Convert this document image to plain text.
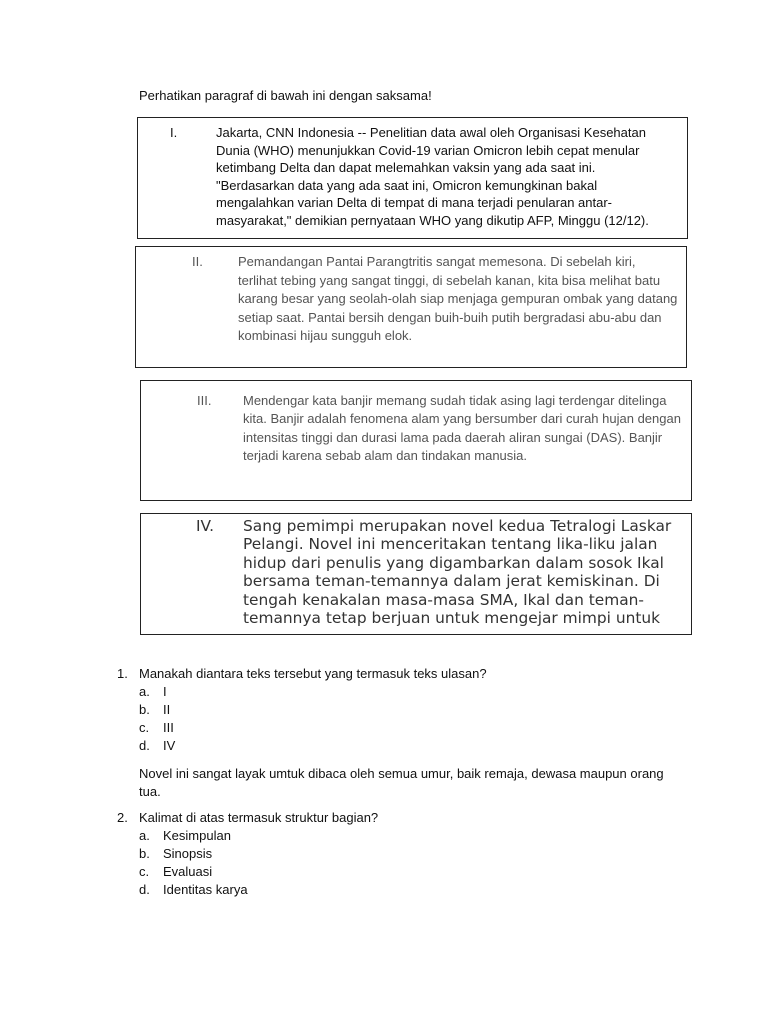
Perhatikan paragraf di bawah ini dengan saksama!
I.	Jakarta, CNN Indonesia -- Penelitian data awal oleh Organisasi Kesehatan Dunia (WHO) menunjukkan Covid-19 varian Omicron lebih cepat menular ketimbang Delta dan dapat melemahkan vaksin yang ada saat ini. "Berdasarkan data yang ada saat ini, Omicron kemungkinan bakal mengalahkan varian Delta di tempat di mana terjadi penularan antar-masyarakat," demikian pernyataan WHO yang dikutip AFP, Minggu (12/12).
II.	Pemandangan Pantai Parangtritis sangat memesona. Di sebelah kiri, terlihat tebing yang sangat tinggi, di sebelah kanan, kita bisa melihat batu karang besar yang seolah-olah siap menjaga gempuran ombak yang datang setiap saat. Pantai bersih dengan buih-buih putih bergradasi abu-abu dan kombinasi hijau sungguh elok.
III. Mendengar kata banjir memang sudah tidak asing lagi terdengar ditelinga kita. Banjir adalah fenomena alam yang bersumber dari curah hujan dengan intensitas tinggi dan durasi lama pada daerah aliran sungai (DAS). Banjir terjadi karena sebab alam dan tindakan manusia.
IV. Sang pemimpi merupakan novel kedua Tetralogi Laskar Pelangi. Novel ini menceritakan tentang lika-liku jalan hidup dari penulis yang digambarkan dalam sosok Ikal bersama teman-temannya dalam jerat kemiskinan. Di tengah kenakalan masa-masa SMA, Ikal dan teman-temannya tetap berjuan untuk mengejar mimpi untuk
1. Manakah diantara teks tersebut yang termasuk teks ulasan?
a. I
b. II
c. III
d. IV
Novel ini sangat layak umtuk dibaca oleh semua umur, baik remaja, dewasa maupun orang tua.
2. Kalimat di atas termasuk struktur bagian?
a. Kesimpulan
b. Sinopsis
c. Evaluasi
d. Identitas karya
